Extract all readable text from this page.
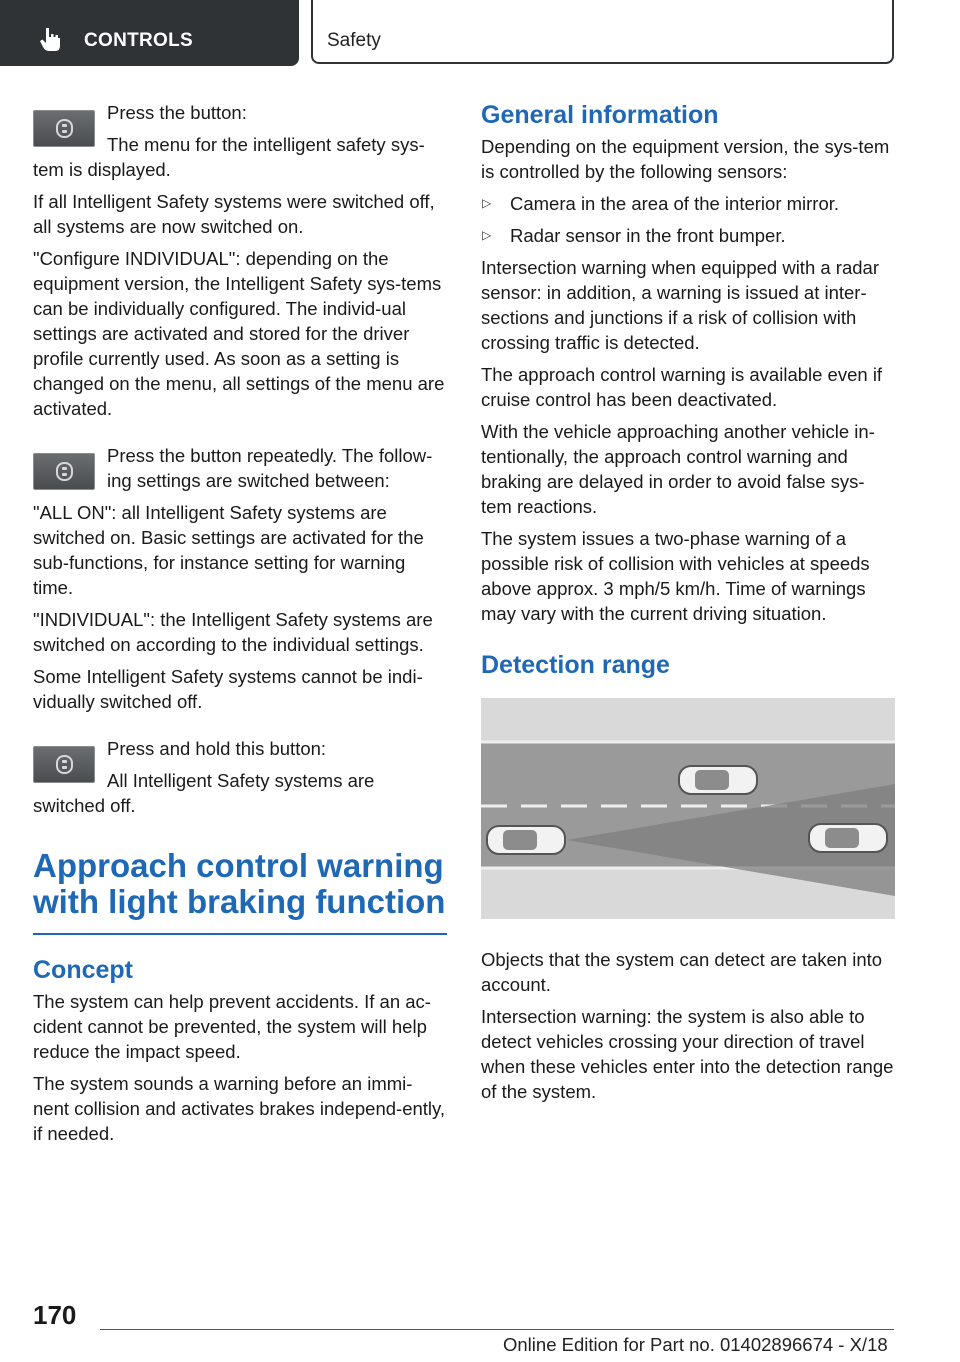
CONTROLS	Safety

Press the button:

The menu for the intelligent safety sys-

tem is displayed.

If all Intelligent Safety systems were switched off, all systems are now switched on.

"Configure INDIVIDUAL": depending on the equipment version, the Intelligent Safety sys-tems can be individually configured. The individ-ual settings are activated and stored for the driver profile currently used. As soon as a setting is changed on the menu, all settings of the menu are activated.

Press the button repeatedly. The follow-ing settings are switched between:

"ALL ON": all Intelligent Safety systems are switched on. Basic settings are activated for the sub-functions, for instance setting for warning time.

"INDIVIDUAL": the Intelligent Safety systems are switched on according to the individual settings.

Some Intelligent Safety systems cannot be indi-vidually switched off.

Press and hold this button:

All Intelligent Safety systems are

switched off.

Approach control warning with light braking function
Concept

The system can help prevent accidents. If an ac-cident cannot be prevented, the system will help reduce the impact speed.

The system sounds a warning before an immi-nent collision and activates brakes independ-ently, if needed.

General information

Depending on the equipment version, the sys-tem is controlled by the following sensors:

▷ Camera in the area of the interior mirror.
▷ Radar sensor in the front bumper.

Intersection warning when equipped with a radar sensor: in addition, a warning is issued at inter-sections and junctions if a risk of collision with crossing traffic is detected.

The approach control warning is available even if cruise control has been deactivated.

With the vehicle approaching another vehicle in-tentionally, the approach control warning and braking are delayed in order to avoid false sys-tem reactions.

The system issues a two-phase warning of a possible risk of collision with vehicles at speeds above approx. 3 mph/5 km/h. Time of warnings may vary with the current driving situation.

Detection range

Objects that the system can detect are taken into account.

Intersection warning: the system is also able to detect vehicles crossing your direction of travel when these vehicles enter into the detection range of the system.

170
Online Edition for Part no. 01402896674 - X/18
